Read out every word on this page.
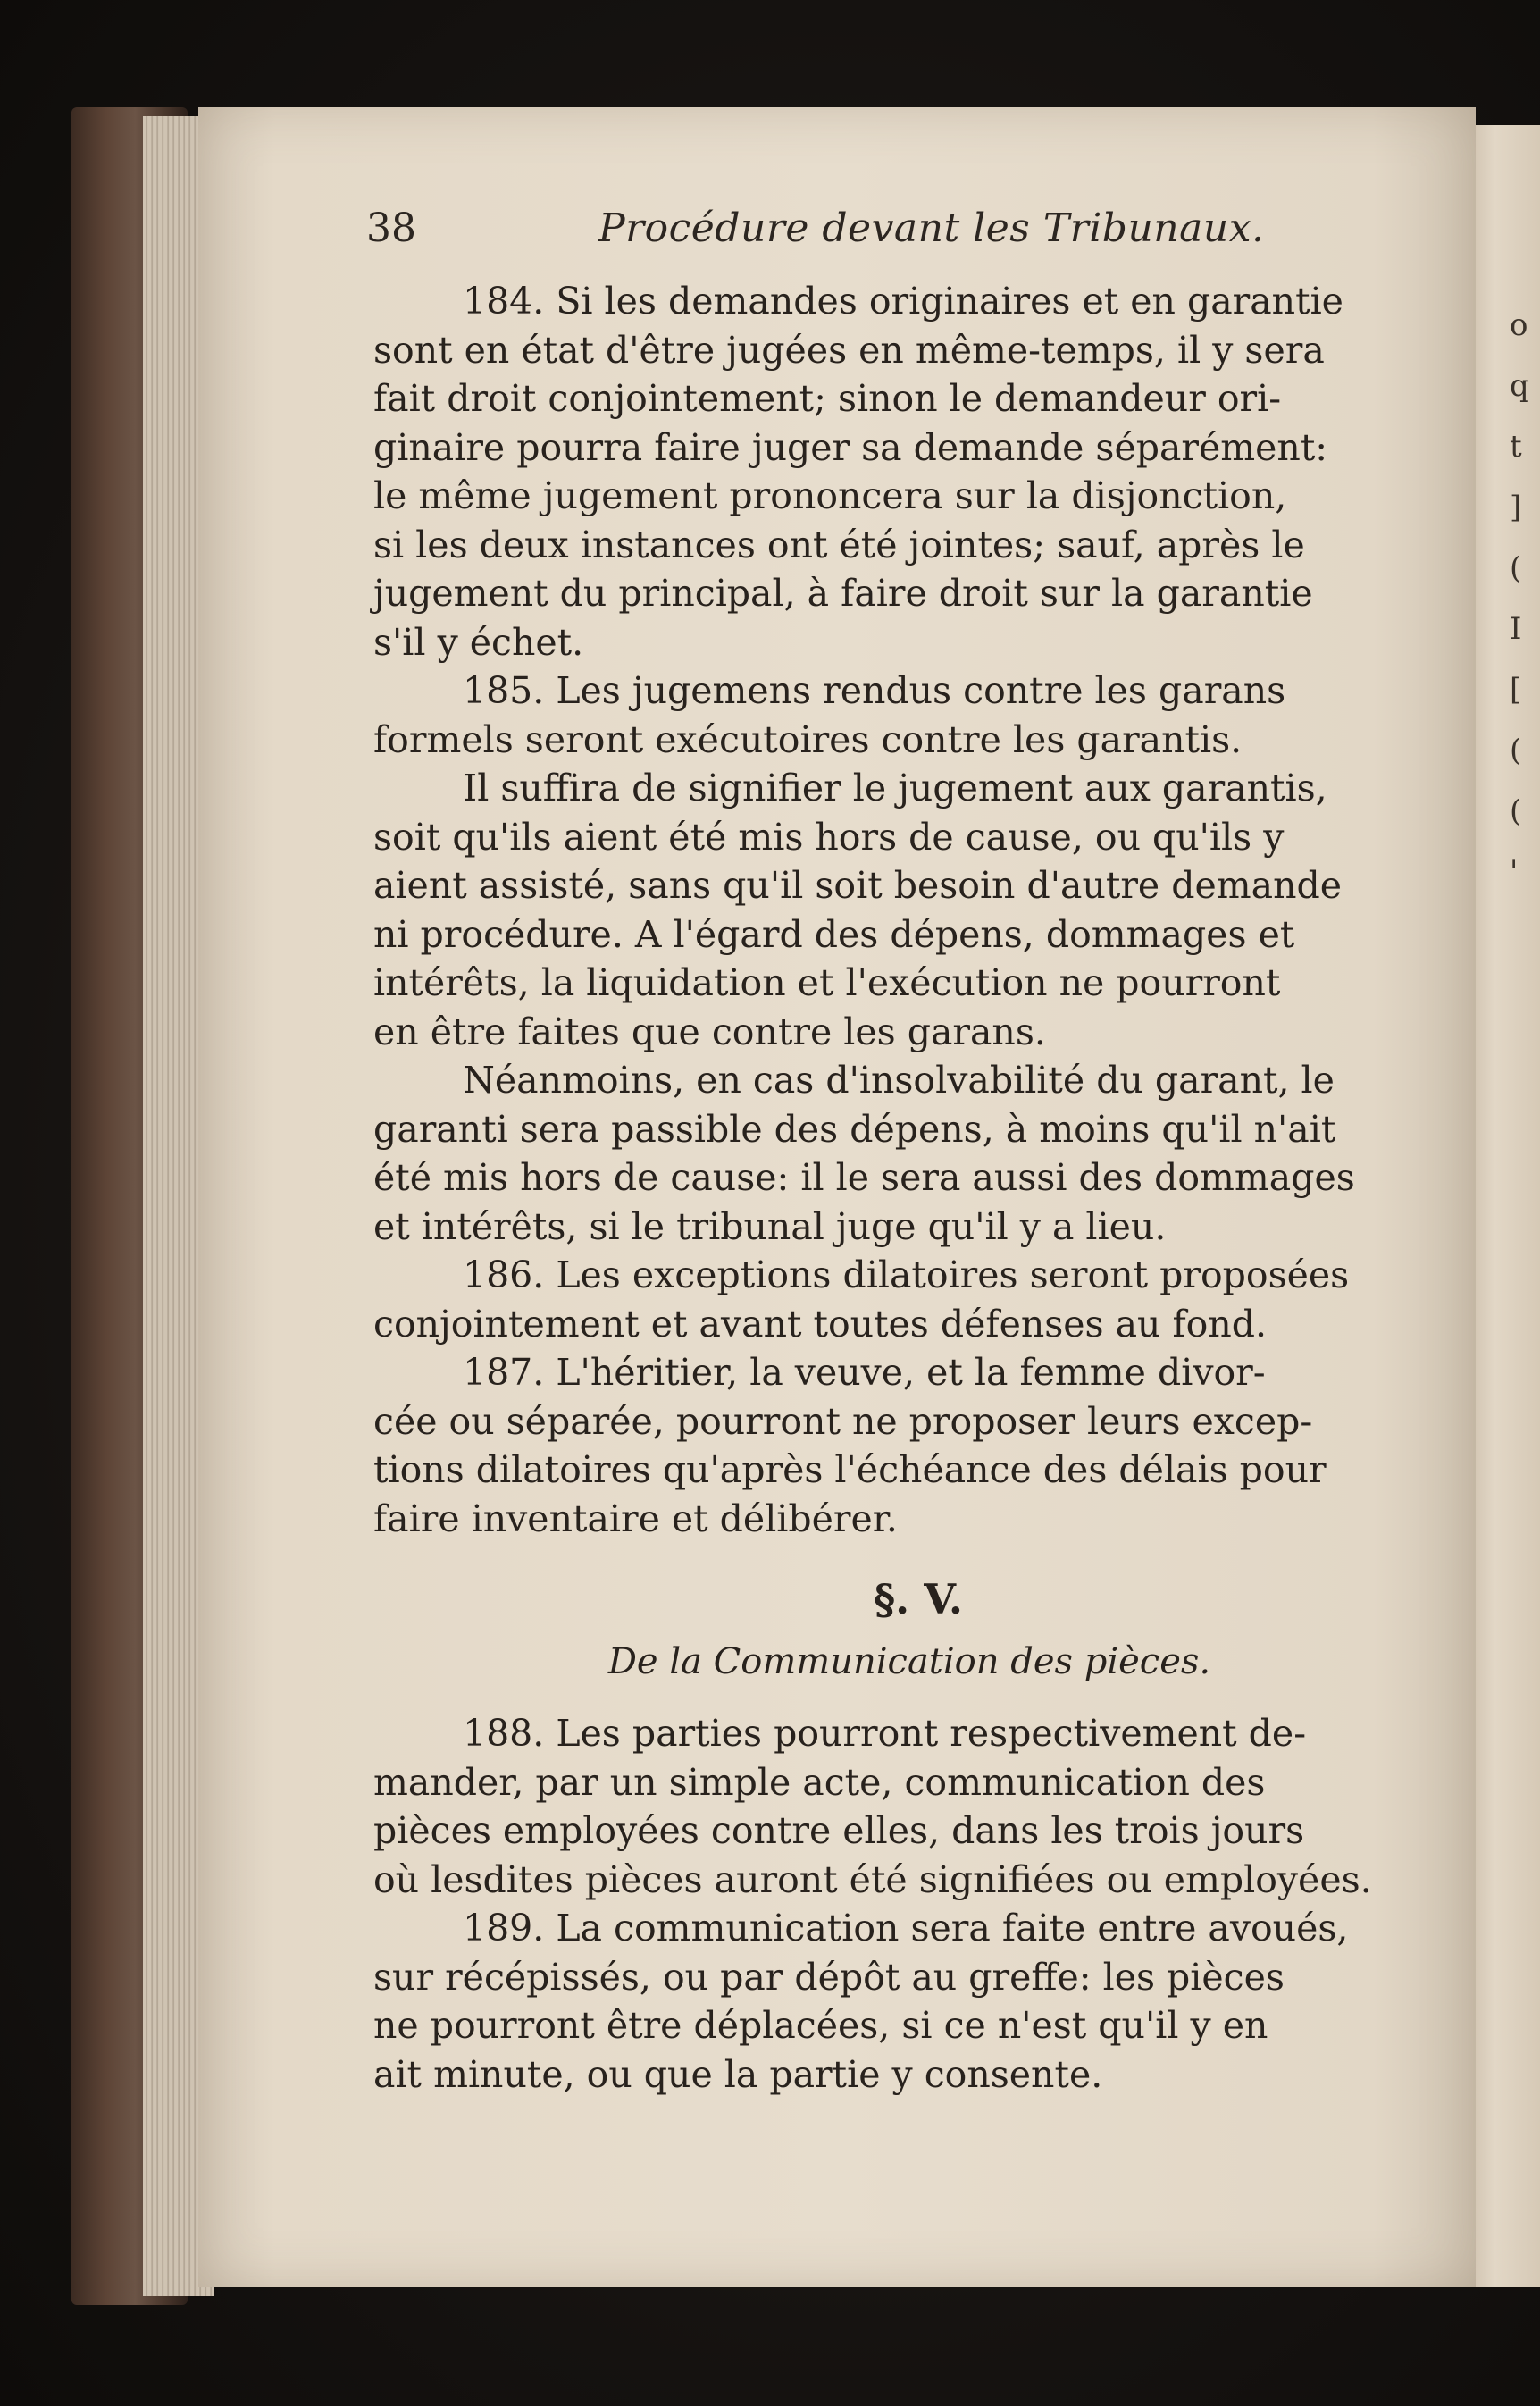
o
q
t
]
(
I
[
(
(
'
38	Procédure devant les Tribunaux.
184. Si les demandes originaires et en garantie
sont en état d'être jugées en même-temps, il y sera
fait droit conjointement; sinon le demandeur ori-
ginaire pourra faire juger sa demande séparément:
le même jugement prononcera sur la disjonction,
si les deux instances ont été jointes; sauf, après le
jugement du principal, à faire droit sur la garantie
s'il y échet.
185. Les jugemens rendus contre les garans
formels seront exécutoires contre les garantis.
Il suffira de signifier le jugement aux garantis,
soit qu'ils aient été mis hors de cause, ou qu'ils y
aient assisté, sans qu'il soit besoin d'autre demande
ni procédure. A l'égard des dépens, dommages et
intérêts, la liquidation et l'exécution ne pourront
en être faites que contre les garans.
Néanmoins, en cas d'insolvabilité du garant, le
garanti sera passible des dépens, à moins qu'il n'ait
été mis hors de cause: il le sera aussi des dommages
et intérêts, si le tribunal juge qu'il y a lieu.
186. Les exceptions dilatoires seront proposées
conjointement et avant toutes défenses au fond.
187. L'héritier, la veuve, et la femme divor-
cée ou séparée, pourront ne proposer leurs excep-
tions dilatoires qu'après l'échéance des délais pour
faire inventaire et délibérer.
§. V.
De la Communication des pièces.
188. Les parties pourront respectivement de-
mander, par un simple acte, communication des
pièces employées contre elles, dans les trois jours
où lesdites pièces auront été signifiées ou employées.
189. La communication sera faite entre avoués,
sur récépissés, ou par dépôt au greffe: les pièces
ne pourront être déplacées, si ce n'est qu'il y en
ait minute, ou que la partie y consente.
